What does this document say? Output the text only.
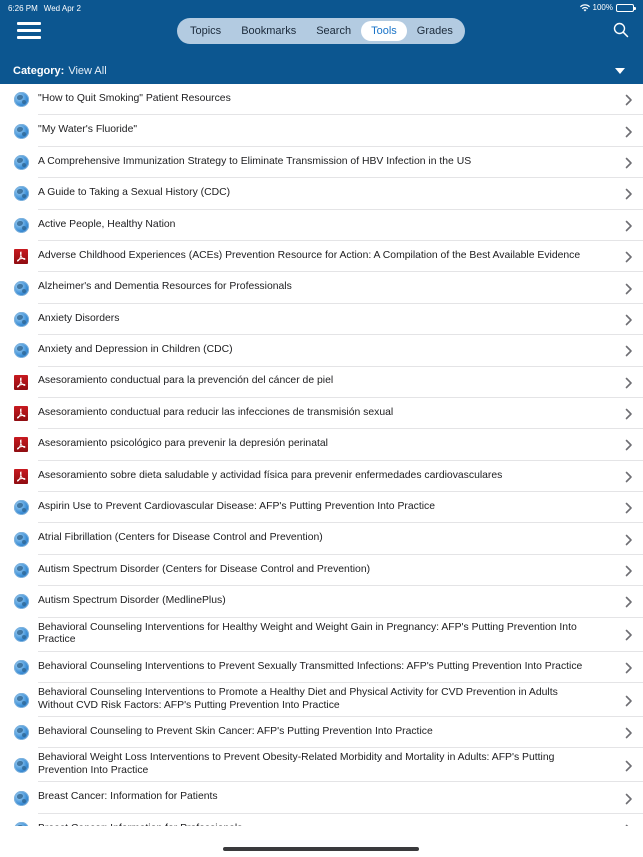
6:26 PM Wed Apr 2	100%
Topics	Bookmarks	Search	Tools	Grades
Category: View All
"How to Quit Smoking" Patient Resources
"My Water's Fluoride"
A Comprehensive Immunization Strategy to Eliminate Transmission of HBV Infection in the US
A Guide to Taking a Sexual History (CDC)
Active People, Healthy Nation
Adverse Childhood Experiences (ACEs) Prevention Resource for Action: A Compilation of the Best Available Evidence
Alzheimer's and Dementia Resources for Professionals
Anxiety Disorders
Anxiety and Depression in Children (CDC)
Asesoramiento conductual para la prevención del cáncer de piel
Asesoramiento conductual para reducir las infecciones de transmisión sexual
Asesoramiento psicológico para prevenir la depresión perinatal
Asesoramiento sobre dieta saludable y actividad física para prevenir enfermedades cardiovasculares
Aspirin Use to Prevent Cardiovascular Disease: AFP's Putting Prevention Into Practice
Atrial Fibrillation (Centers for Disease Control and Prevention)
Autism Spectrum Disorder (Centers for Disease Control and Prevention)
Autism Spectrum Disorder (MedlinePlus)
Behavioral Counseling Interventions for Healthy Weight and Weight Gain in Pregnancy: AFP's Putting Prevention Into Practice
Behavioral Counseling Interventions to Prevent Sexually Transmitted Infections: AFP's Putting Prevention Into Practice
Behavioral Counseling Interventions to Promote a Healthy Diet and Physical Activity for CVD Prevention in Adults Without CVD Risk Factors: AFP's Putting Prevention Into Practice
Behavioral Counseling to Prevent Skin Cancer: AFP's Putting Prevention Into Practice
Behavioral Weight Loss Interventions to Prevent Obesity-Related Morbidity and Mortality in Adults: AFP's Putting Prevention Into Practice
Breast Cancer: Information for Patients
